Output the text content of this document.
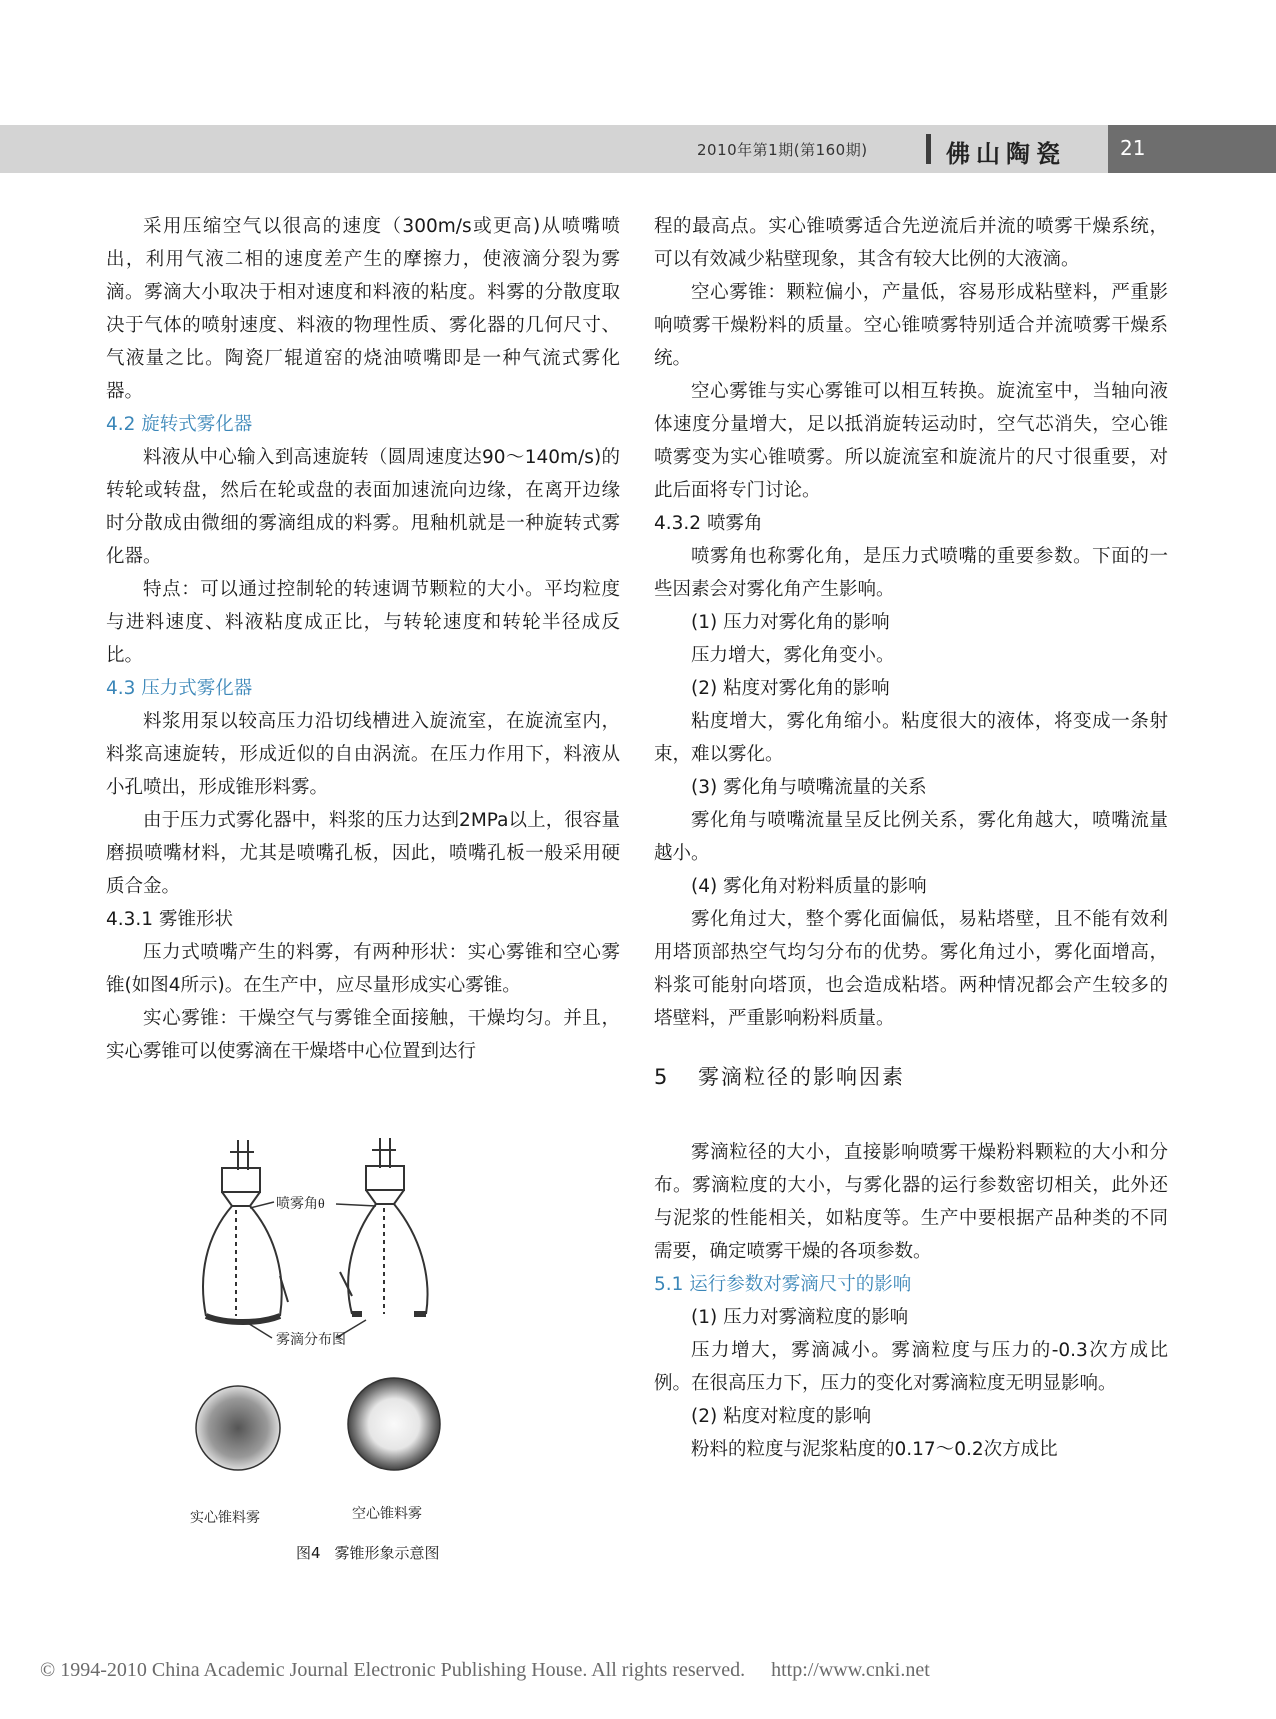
2010年第1期(第160期)	佛山陶瓷	21

采用压缩空气以很高的速度（300m/s或更高)从喷嘴喷出，利用气液二相的速度差产生的摩擦力，使液滴分裂为雾滴。雾滴大小取决于相对速度和料液的粘度。料雾的分散度取决于气体的喷射速度、料液的物理性质、雾化器的几何尺寸、气液量之比。陶瓷厂辊道窑的烧油喷嘴即是一种气流式雾化器。

4.2 旋转式雾化器

料液从中心输入到高速旋转（圆周速度达90～140m/s)的转轮或转盘，然后在轮或盘的表面加速流向边缘，在离开边缘时分散成由微细的雾滴组成的料雾。甩釉机就是一种旋转式雾化器。

特点：可以通过控制轮的转速调节颗粒的大小。平均粒度与进料速度、料液粘度成正比，与转轮速度和转轮半径成反比。

4.3 压力式雾化器

料浆用泵以较高压力沿切线槽进入旋流室，在旋流室内，料浆高速旋转，形成近似的自由涡流。在压力作用下，料液从小孔喷出，形成锥形料雾。

由于压力式雾化器中，料浆的压力达到2MPa以上，很容量磨损喷嘴材料，尤其是喷嘴孔板，因此，喷嘴孔板一般采用硬质合金。

4.3.1 雾锥形状

压力式喷嘴产生的料雾，有两种形状：实心雾锥和空心雾锥(如图4所示)。在生产中，应尽量形成实心雾锥。

实心雾锥：干燥空气与雾锥全面接触，干燥均匀。并且，实心雾锥可以使雾滴在干燥塔中心位置到达行

喷雾角θ
雾滴分布图
实心锥料雾	空心锥料雾
图4 雾锥形象示意图

程的最高点。实心锥喷雾适合先逆流后并流的喷雾干燥系统，可以有效减少粘壁现象，其含有较大比例的大液滴。

空心雾锥：颗粒偏小，产量低，容易形成粘壁料，严重影响喷雾干燥粉料的质量。空心锥喷雾特别适合并流喷雾干燥系统。

空心雾锥与实心雾锥可以相互转换。旋流室中，当轴向液体速度分量增大，足以抵消旋转运动时，空气芯消失，空心锥喷雾变为实心锥喷雾。所以旋流室和旋流片的尺寸很重要，对此后面将专门讨论。

4.3.2 喷雾角

喷雾角也称雾化角，是压力式喷嘴的重要参数。下面的一些因素会对雾化角产生影响。

(1) 压力对雾化角的影响

压力增大，雾化角变小。

(2) 粘度对雾化角的影响

粘度增大，雾化角缩小。粘度很大的液体，将变成一条射束，难以雾化。

(3) 雾化角与喷嘴流量的关系

雾化角与喷嘴流量呈反比例关系，雾化角越大，喷嘴流量越小。

(4) 雾化角对粉料质量的影响

雾化角过大，整个雾化面偏低，易粘塔壁，且不能有效利用塔顶部热空气均匀分布的优势。雾化角过小，雾化面增高，料浆可能射向塔顶，也会造成粘塔。两种情况都会产生较多的塔壁料，严重影响粉料质量。

5 雾滴粒径的影响因素

雾滴粒径的大小，直接影响喷雾干燥粉料颗粒的大小和分布。雾滴粒度的大小，与雾化器的运行参数密切相关，此外还与泥浆的性能相关，如粘度等。生产中要根据产品种类的不同需要，确定喷雾干燥的各项参数。

5.1 运行参数对雾滴尺寸的影响

(1) 压力对雾滴粒度的影响

压力增大，雾滴减小。雾滴粒度与压力的-0.3次方成比例。在很高压力下，压力的变化对雾滴粒度无明显影响。

(2) 粘度对粒度的影响

粉料的粒度与泥浆粘度的0.17～0.2次方成比

© 1994-2010 China Academic Journal Electronic Publishing House. All rights reserved. http://www.cnki.net
